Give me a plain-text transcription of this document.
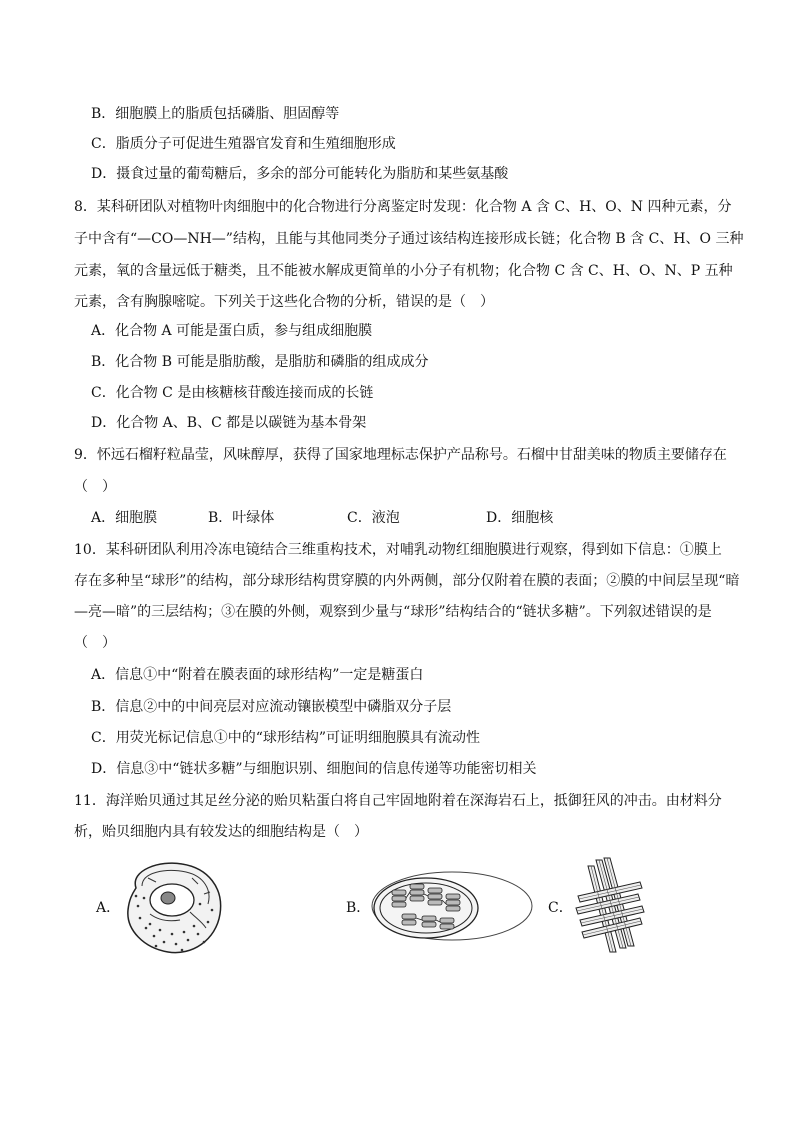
B．细胞膜上的脂质包括磷脂、胆固醇等
C．脂质分子可促进生殖器官发育和生殖细胞形成
D．摄食过量的葡萄糖后，多余的部分可能转化为脂肪和某些氨基酸
8．某科研团队对植物叶肉细胞中的化合物进行分离鉴定时发现：化合物 A 含 C、H、O、N 四种元素，分
子中含有“—CO—NH—”结构，且能与其他同类分子通过该结构连接形成长链；化合物 B 含 C、H、O 三种
元素，氧的含量远低于糖类，且不能被水解成更简单的小分子有机物；化合物 C 含 C、H、O、N、P 五种
元素，含有胸腺嘧啶。下列关于这些化合物的分析，错误的是（　）
A．化合物 A 可能是蛋白质，参与组成细胞膜
B．化合物 B 可能是脂肪酸，是脂肪和磷脂的组成成分
C．化合物 C 是由核糖核苷酸连接而成的长链
D．化合物 A、B、C 都是以碳链为基本骨架
9．怀远石榴籽粒晶莹，风味醇厚，获得了国家地理标志保护产品称号。石榴中甘甜美味的物质主要储存在
（　）
A．细胞膜	B．叶绿体	C．液泡	D．细胞核
10．某科研团队利用冷冻电镜结合三维重构技术，对哺乳动物红细胞膜进行观察，得到如下信息：①膜上
存在多种呈“球形”的结构，部分球形结构贯穿膜的内外两侧，部分仅附着在膜的表面；②膜的中间层呈现“暗
—亮—暗”的三层结构；③在膜的外侧，观察到少量与“球形”结构结合的“链状多糖”。下列叙述错误的是
（　）
A．信息①中“附着在膜表面的球形结构”一定是糖蛋白
B．信息②中的中间亮层对应流动镶嵌模型中磷脂双分子层
C．用荧光标记信息①中的“球形结构”可证明细胞膜具有流动性
D．信息③中“链状多糖”与细胞识别、细胞间的信息传递等功能密切相关
11．海洋贻贝通过其足丝分泌的贻贝粘蛋白将自己牢固地附着在深海岩石上，抵御狂风的冲击。由材料分
析，贻贝细胞内具有较发达的细胞结构是（　）
A．	B．	C．
